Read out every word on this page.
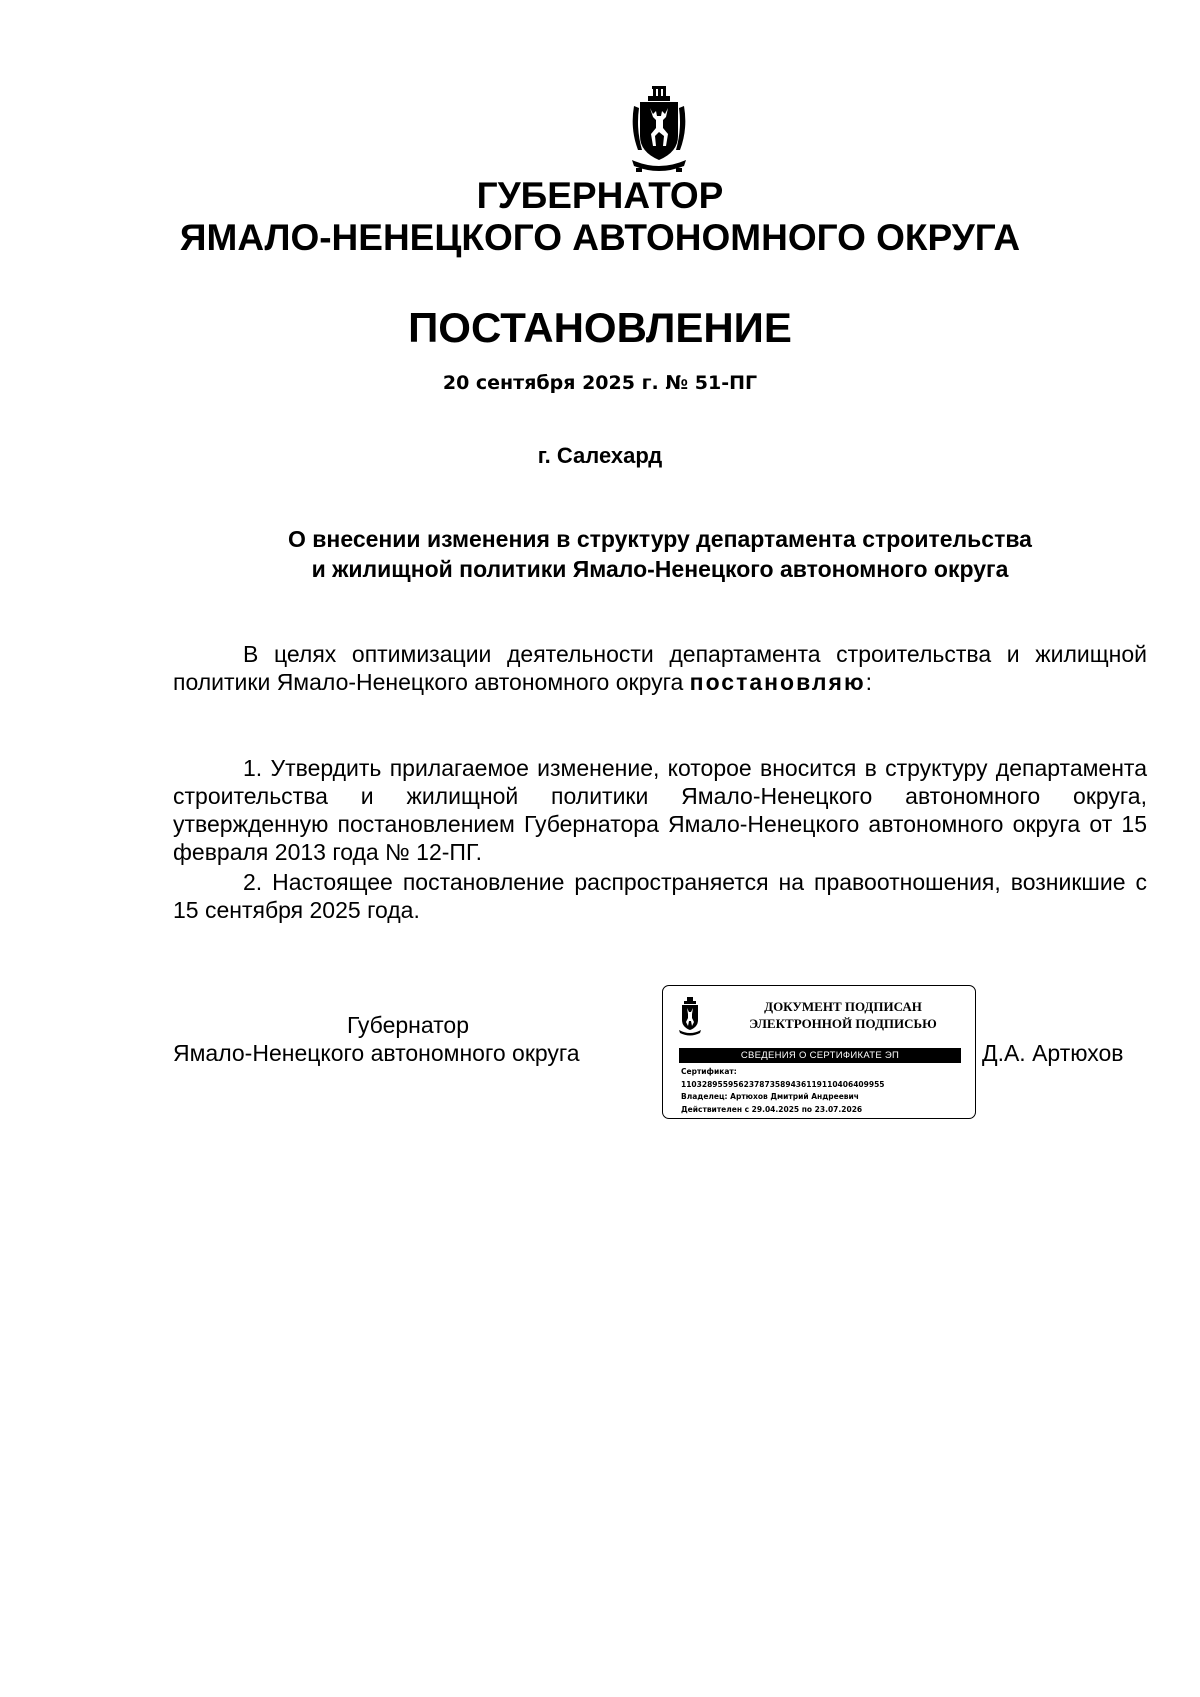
ГУБЕРНАТОР
ЯМАЛО-НЕНЕЦКОГО АВТОНОМНОГО ОКРУГА
ПОСТАНОВЛЕНИЕ
20 сентября 2025 г. № 51-ПГ
г. Салехард
О внесении изменения в структуру департамента строительства
и жилищной политики Ямало-Ненецкого автономного округа
В целях оптимизации деятельности департамента строительства и жилищной политики Ямало-Ненецкого автономного округа постановляю:
1. Утвердить прилагаемое изменение, которое вносится в структуру департамента строительства и жилищной политики Ямало-Ненецкого автономного округа, утвержденную постановлением Губернатора Ямало-Ненецкого автономного округа от 15 февраля 2013 года № 12-ПГ.
2. Настоящее постановление распространяется на правоотношения, возникшие с 15 сентября 2025 года.
Губернатор
Ямало-Ненецкого автономного округа
ДОКУМЕНТ ПОДПИСАН
ЭЛЕКТРОННОЙ ПОДПИСЬЮ
СВЕДЕНИЯ О СЕРТИФИКАТЕ ЭП
Сертификат:
110328955956237873589436119110406409955
Владелец: Артюхов Дмитрий Андреевич
Действителен с 29.04.2025 по 23.07.2026
Д.А. Артюхов
